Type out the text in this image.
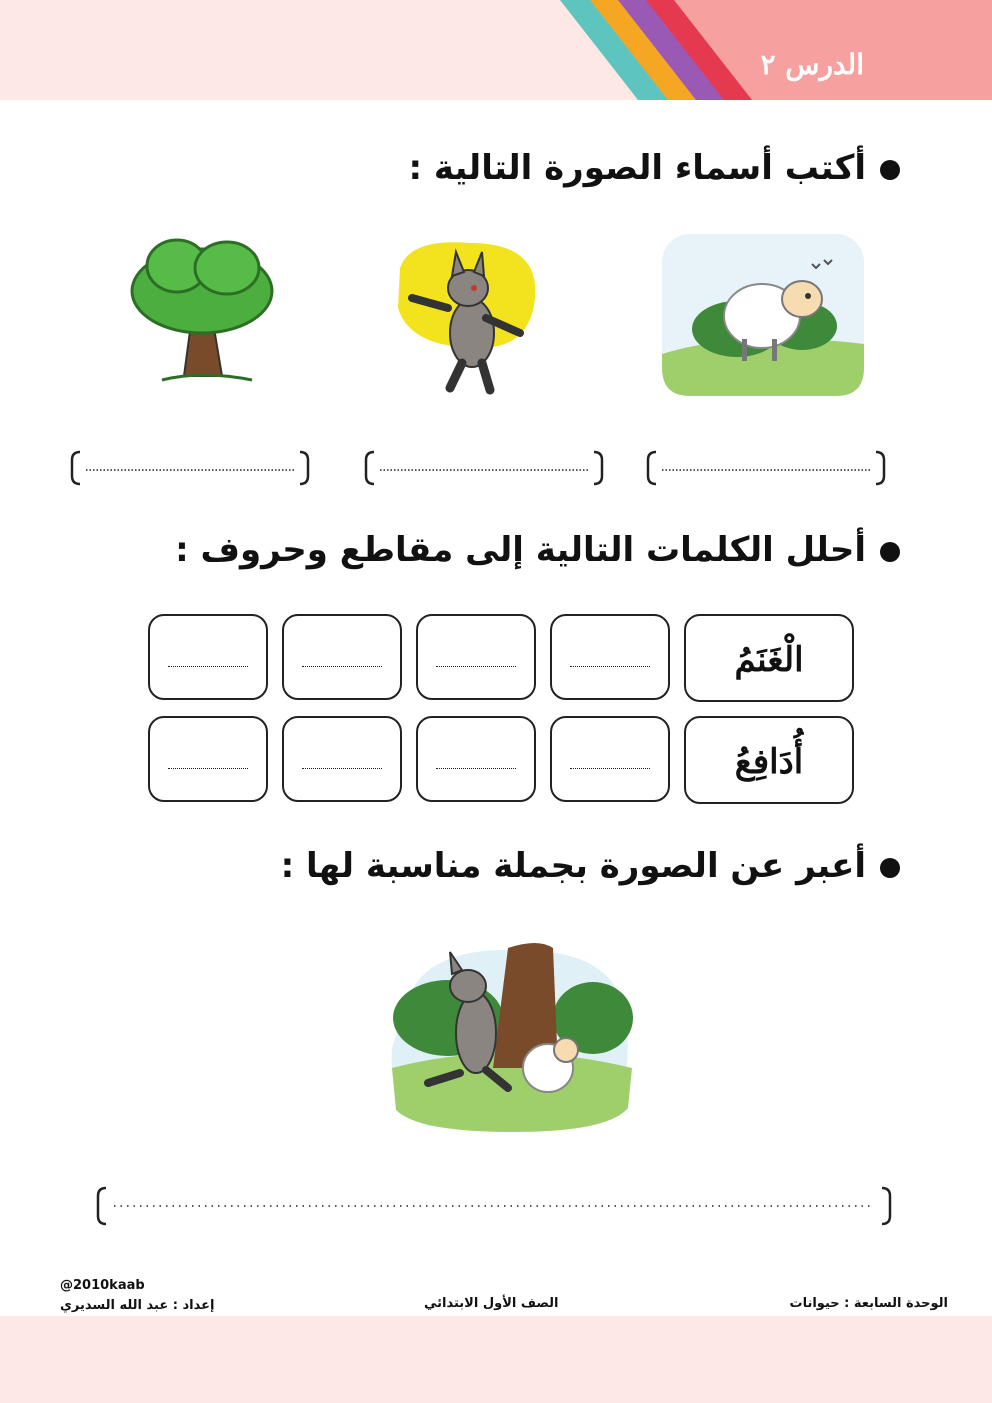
الدرس ٢
أكتب أسماء الصورة التالية :
أحلل الكلمات التالية إلى مقاطع وحروف :
الْغَنَمُ
أُدَافِعُ
أعبر عن الصورة بجملة مناسبة لها :
@2010kaab
إعداد : عبد الله السديري	الصف الأول الابتدائي	الوحدة السابعة : حيوانات
